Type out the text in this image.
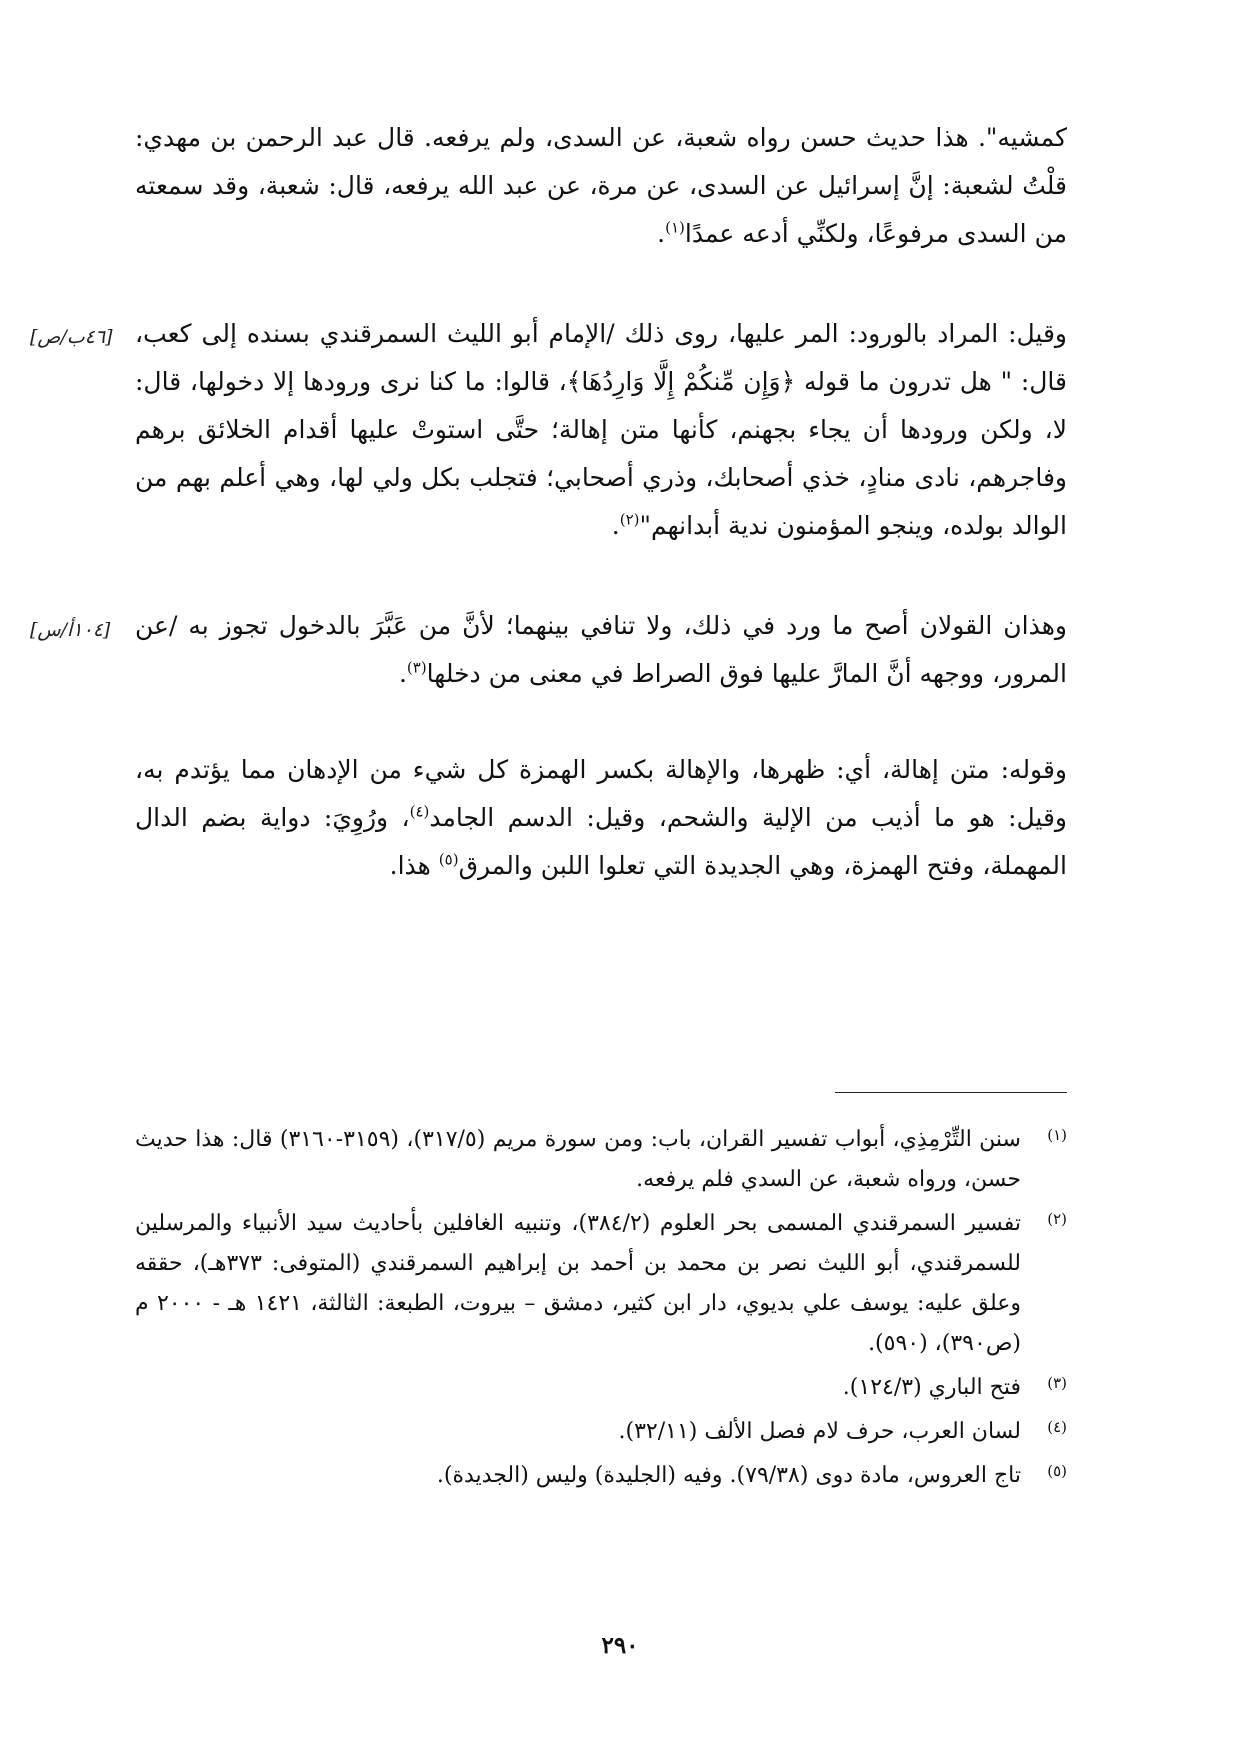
كمشيه". هذا حديث حسن رواه شعبة، عن السدى، ولم يرفعه. قال عبد الرحمن بن مهدي: قلْتُ لشعبة: إنَّ إسرائيل عن السدى، عن مرة، عن عبد الله يرفعه، قال: شعبة، وقد سمعته من السدى مرفوعًا، ولكنِّي أدعه عمدًا$^{(١)}$.

وقيل: المراد بالورود: المر عليها، روى ذلك /الإمام أبو الليث السمرقندي بسنده إلى كعب، قال: " هل تدرون ما قوله ﴿وَإِن مِّنكُمْ إِلَّا وَارِدُهَا﴾، قالوا: ما كنا نرى ورودها إلا دخولها، قال: لا، ولكن ورودها أن يجاء بجهنم، كأنها متن إهالة؛ حتَّى استوتْ عليها أقدام الخلائق برهم وفاجرهم، نادى منادٍ، خذي أصحابك، وذري أصحابي؛ فتجلب بكل ولي لها، وهي أعلم بهم من الوالد بولده، وينجو المؤمنون ندية أبدانهم"$^{(٢)}$.

[٤٦ب/ص]

وهذان القولان أصح ما ورد في ذلك، ولا تنافي بينهما؛ لأنَّ من عَبَّرَ بالدخول تجوز به /عن المرور، ووجهه أنَّ المارَّ عليها فوق الصراط في معنى من دخلها$^{(٣)}$.

[١٠٤أ/س]

وقوله: متن إهالة، أي: ظهرها، والإهالة بكسر الهمزة كل شيء من الإدهان مما يؤتدم به، وقيل: هو ما أذيب من الإلية والشحم، وقيل: الدسم الجامد$^{(٤)}$، ورُوِيَ: دواية بضم الدال المهملة، وفتح الهمزة، وهي الجديدة التي تعلوا اللبن والمرق$^{(٥)}$ هذا.

(١)
سنن التِّرْمِذِي، أبواب تفسير القران، باب: ومن سورة مريم (٣١٧/٥)، (٣١٥٩-٣١٦٠) قال: هذا حديث حسن، ورواه شعبة، عن السدي فلم يرفعه.
(٢)
تفسير السمرقندي المسمى بحر العلوم (٣٨٤/٢)، وتنبيه الغافلين بأحاديث سيد الأنبياء والمرسلين للسمرقندي، أبو الليث نصر بن محمد بن أحمد بن إبراهيم السمرقندي (المتوفى: ٣٧٣هـ)، حققه وعلق عليه: يوسف علي بديوي، دار ابن كثير، دمشق – بيروت، الطبعة: الثالثة، ١٤٢١ هـ - ٢٠٠٠ م (ص٣٩٠)، (٥٩٠).
(٣)
فتح الباري (١٢٤/٣).
(٤)
لسان العرب، حرف لام فصل الألف (٣٢/١١).
(٥)
تاج العروس، مادة دوى (٧٩/٣٨). وفيه (الجليدة) وليس (الجديدة).
٢٩٠
